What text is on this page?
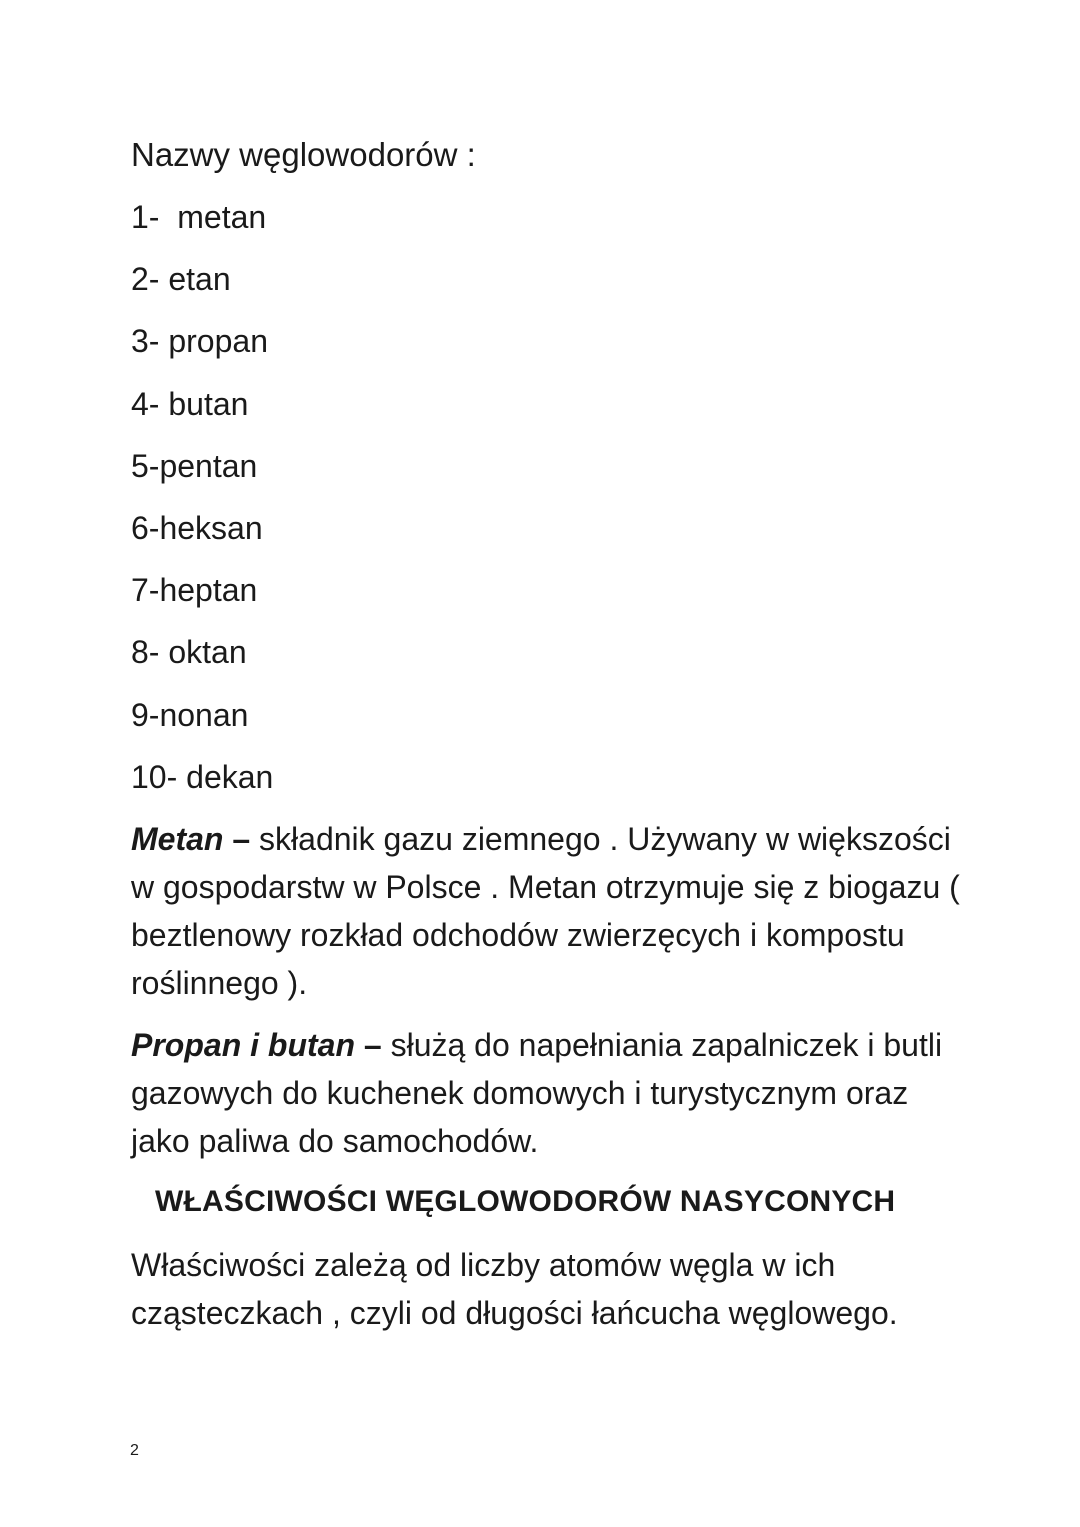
Nazwy węglowodorów :
1-  metan
2- etan
3- propan
4- butan
5-pentan
6-heksan
7-heptan
8- oktan
9-nonan
10- dekan

Metan – składnik gazu ziemnego . Używany w większości w gospodarstw w Polsce . Metan otrzymuje się z biogazu ( beztlenowy rozkład odchodów zwierzęcych i kompostu roślinnego ).

Propan i butan – służą do napełniania zapalniczek i butli gazowych do kuchenek domowych i turystycznym oraz jako paliwa do samochodów.

WŁAŚCIWOŚCI WĘGLOWODORÓW NASYCONYCH

Właściwości zależą od liczby atomów węgla w ich cząsteczkach , czyli od długości łańcucha węglowego.

2
